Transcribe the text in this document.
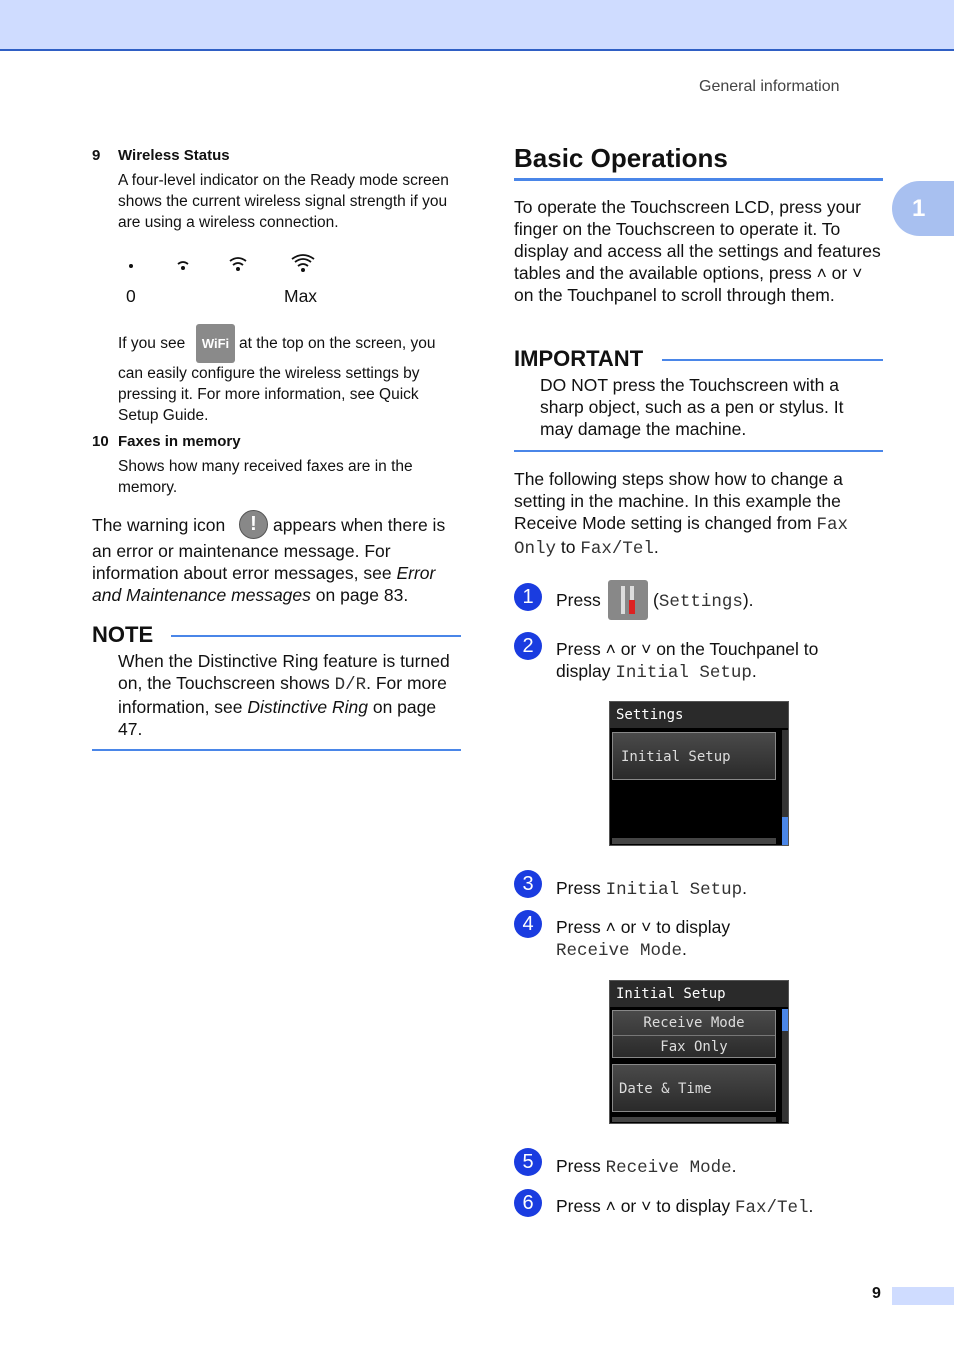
General information
1
9 Wireless Status
A four-level indicator on the Ready mode screen shows the current wireless signal strength if you are using a wireless connection.
0	Max
If you see	WiFi at the top on the screen, you
can easily configure the wireless settings by pressing it. For more information, see Quick Setup Guide.
10 Faxes in memory
Shows how many received faxes are in the memory.
The warning icon	! appears when there is
an error or maintenance message. For information about error messages, see Error and Maintenance messages on page 83.
NOTE
When the Distinctive Ring feature is turned on, the Touchscreen shows D/R. For more information, see Distinctive Ring on page 47.
Basic Operations
To operate the Touchscreen LCD, press your finger on the Touchscreen to operate it. To display and access all the settings and features tables and the available options, press ˄ or ˅ on the Touchpanel to scroll through them.
IMPORTANT
DO NOT press the Touchscreen with a sharp object, such as a pen or stylus. It may damage the machine.
The following steps show how to change a setting in the machine. In this example the Receive Mode setting is changed from Fax Only to Fax/Tel.
1	Press	(Settings).
2	Press ˄ or ˅ on the Touchpanel to
display Initial Setup.
Settings
Initial Setup
3	Press Initial Setup.
4	Press ˄ or ˅ to display
Receive Mode.
Initial Setup
Receive Mode
Fax Only
Date & Time
5	Press Receive Mode.
6	Press ˄ or ˅ to display Fax/Tel.
9
